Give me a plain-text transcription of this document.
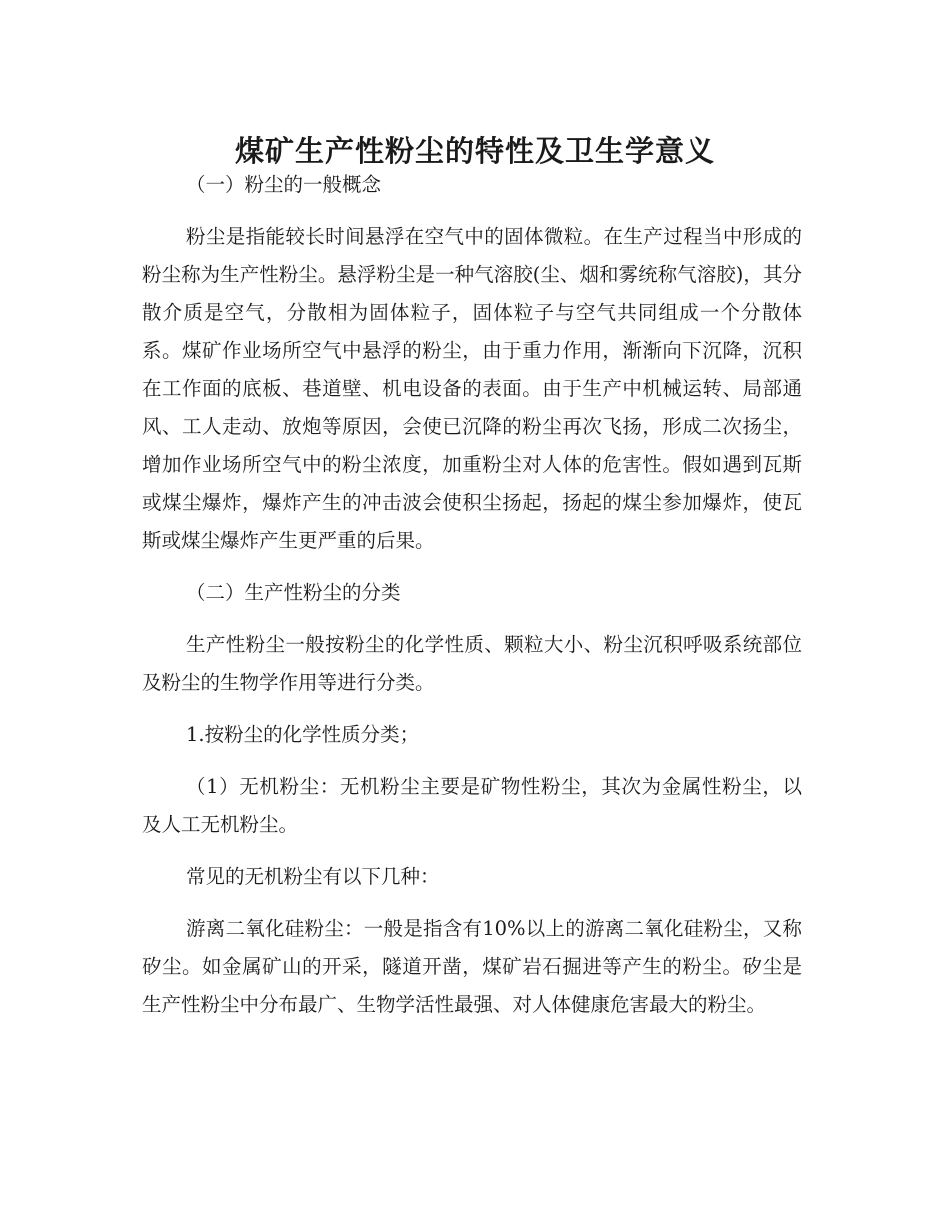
煤矿生产性粉尘的特性及卫生学意义

（一）粉尘的一般概念

粉尘是指能较长时间悬浮在空气中的固体微粒。在生产过程当中形成的粉尘称为生产性粉尘。悬浮粉尘是一种气溶胶(尘、烟和雾统称气溶胶)，其分散介质是空气，分散相为固体粒子，固体粒子与空气共同组成一个分散体系。煤矿作业场所空气中悬浮的粉尘，由于重力作用，渐渐向下沉降，沉积在工作面的底板、巷道壁、机电设备的表面。由于生产中机械运转、局部通风、工人走动、放炮等原因，会使已沉降的粉尘再次飞扬，形成二次扬尘，增加作业场所空气中的粉尘浓度，加重粉尘对人体的危害性。假如遇到瓦斯或煤尘爆炸，爆炸产生的冲击波会使积尘扬起，扬起的煤尘参加爆炸，使瓦斯或煤尘爆炸产生更严重的后果。

（二）生产性粉尘的分类

生产性粉尘一般按粉尘的化学性质、颗粒大小、粉尘沉积呼吸系统部位及粉尘的生物学作用等进行分类。

1.按粉尘的化学性质分类；

（1）无机粉尘：无机粉尘主要是矿物性粉尘，其次为金属性粉尘，以及人工无机粉尘。

常见的无机粉尘有以下几种：

游离二氧化硅粉尘：一般是指含有10%以上的游离二氧化硅粉尘，又称矽尘。如金属矿山的开采，隧道开凿，煤矿岩石掘进等产生的粉尘。矽尘是生产性粉尘中分布最广、生物学活性最强、对人体健康危害最大的粉尘。
